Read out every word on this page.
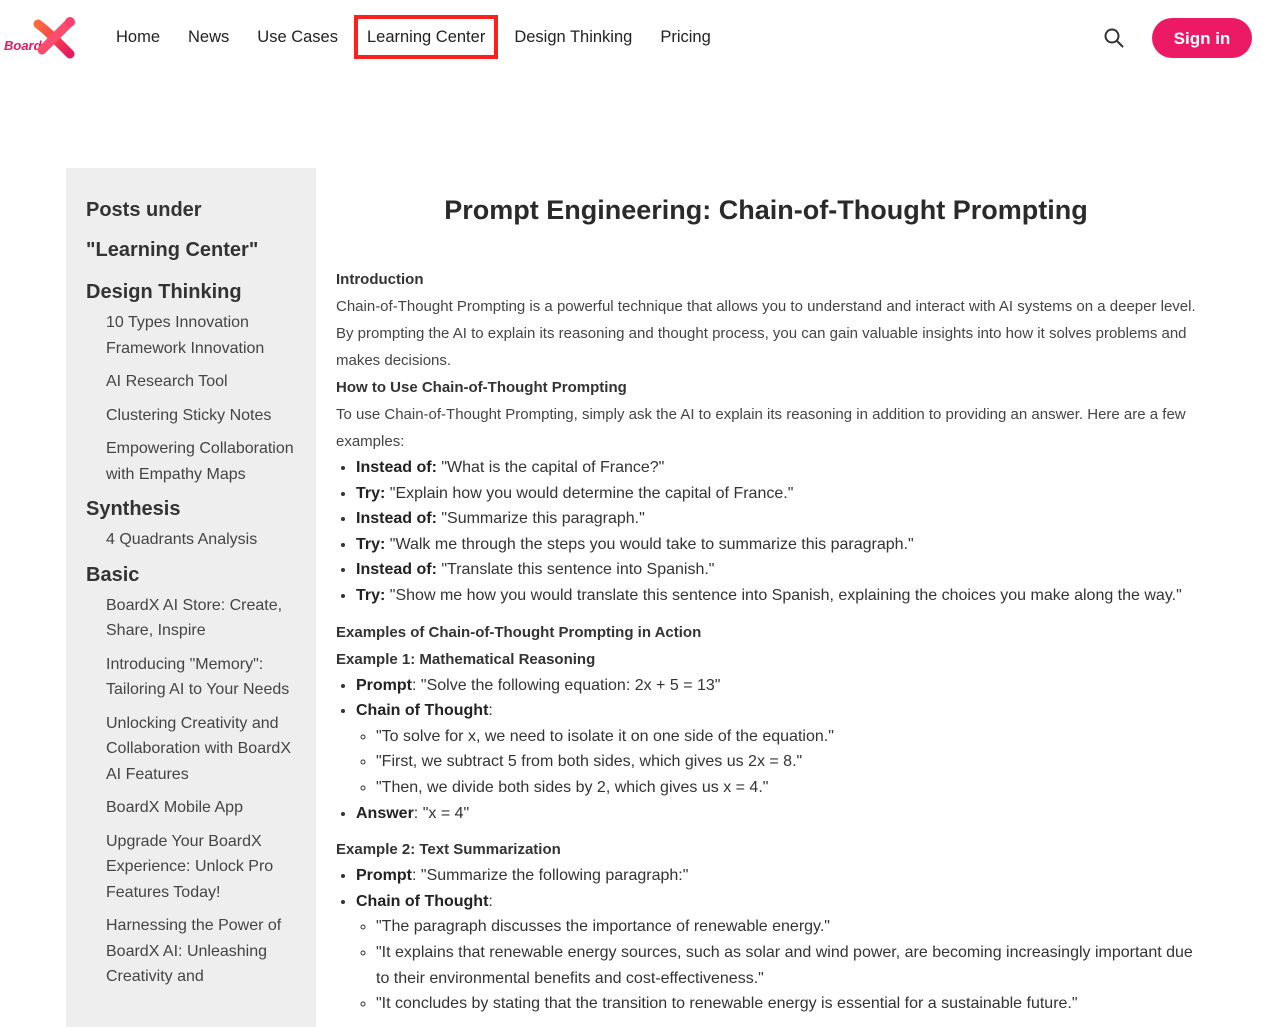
Board	Home	News	Use Cases	Learning Center	Design Thinking	Pricing	Sign in
Posts under "Learning Center"
Design Thinking
10 Types Innovation Framework Innovation
AI Research Tool
Clustering Sticky Notes
Empowering Collaboration with Empathy Maps
Synthesis
4 Quadrants Analysis
Basic
BoardX AI Store: Create, Share, Inspire
Introducing "Memory": Tailoring AI to Your Needs
Unlocking Creativity and Collaboration with BoardX AI Features
BoardX Mobile App
Upgrade Your BoardX Experience: Unlock Pro Features Today!
Harnessing the Power of BoardX AI: Unleashing Creativity and
Prompt Engineering: Chain-of-Thought Prompting
Introduction

Chain-of-Thought Prompting is a powerful technique that allows you to understand and interact with AI systems on a deeper level. By prompting the AI to explain its reasoning and thought process, you can gain valuable insights into how it solves problems and makes decisions.

How to Use Chain-of-Thought Prompting

To use Chain-of-Thought Prompting, simply ask the AI to explain its reasoning in addition to providing an answer. Here are a few examples:

• Instead of: "What is the capital of France?"
• Try: "Explain how you would determine the capital of France."
• Instead of: "Summarize this paragraph."
• Try: "Walk me through the steps you would take to summarize this paragraph."
• Instead of: "Translate this sentence into Spanish."
• Try: "Show me how you would translate this sentence into Spanish, explaining the choices you make along the way."
Examples of Chain-of-Thought Prompting in Action
Example 1: Mathematical Reasoning
• Prompt: "Solve the following equation: 2x + 5 = 13"
• Chain of Thought:
◦ "To solve for x, we need to isolate it on one side of the equation."
◦ "First, we subtract 5 from both sides, which gives us 2x = 8."
◦ "Then, we divide both sides by 2, which gives us x = 4."
• Answer: "x = 4"
Example 2: Text Summarization
• Prompt: "Summarize the following paragraph:"
• Chain of Thought:
◦ "The paragraph discusses the importance of renewable energy."
◦ "It explains that renewable energy sources, such as solar and wind power, are becoming increasingly important due to their environmental benefits and cost-effectiveness."
◦ "It concludes by stating that the transition to renewable energy is essential for a sustainable future."
